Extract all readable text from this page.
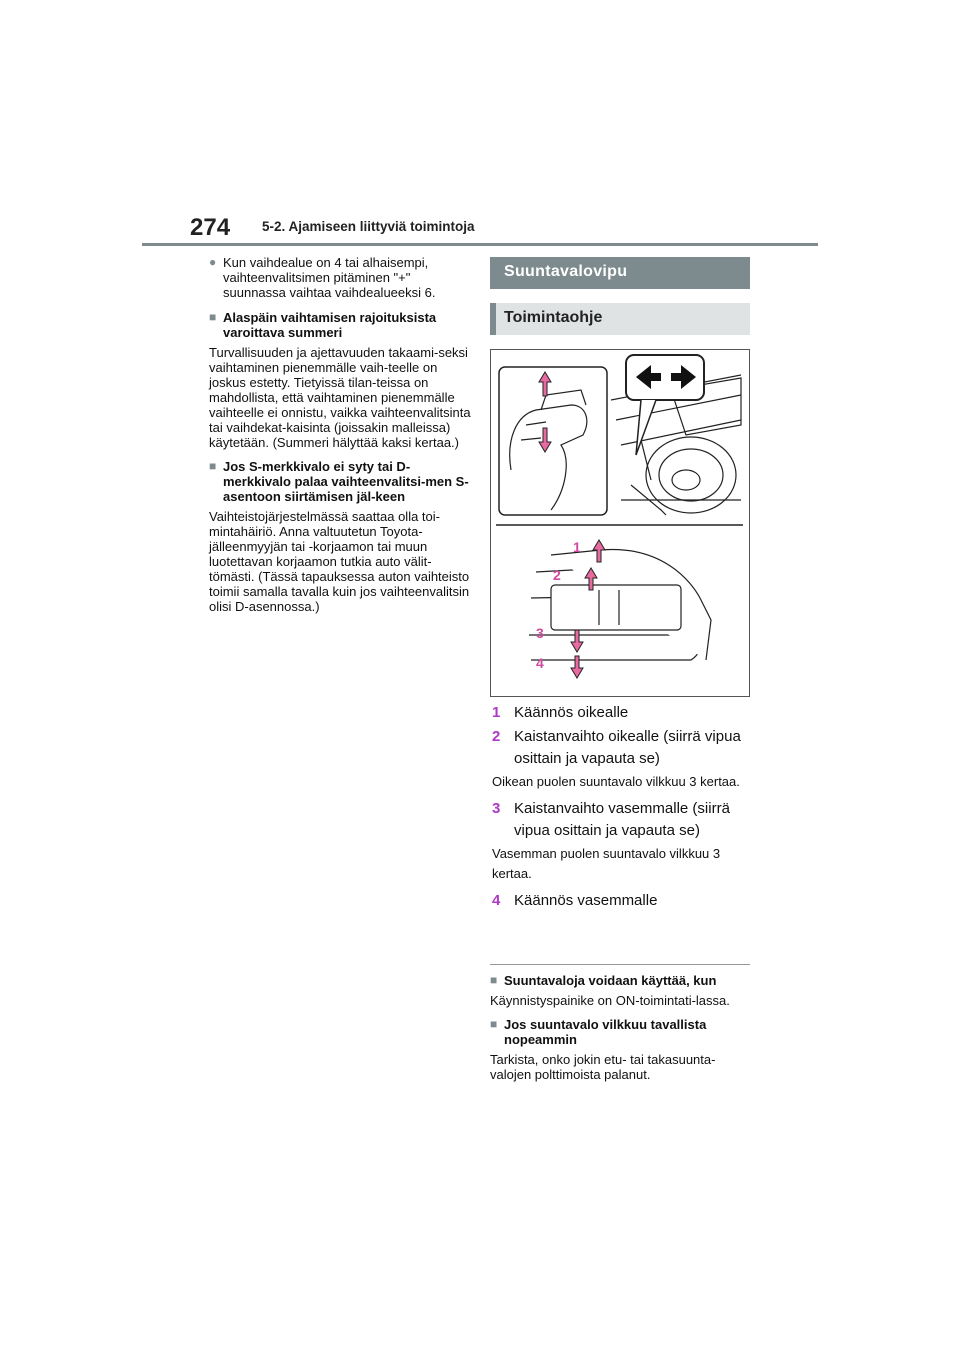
274 5-2. Ajamiseen liittyviä toimintoja
● Kun vaihdealue on 4 tai alhaisempi, vaihteenvalitsimen pitäminen "+" suunnassa vaihtaa vaihdealueeksi 6.
■ Alaspäin vaihtamisen rajoituksista varoittava summeri
Turvallisuuden ja ajettavuuden takaami-seksi vaihtaminen pienemmälle vaih-teelle on joskus estetty. Tietyissä tilan-teissa on mahdollista, että vaihtaminen pienemmälle vaihteelle ei onnistu, vaikka vaihteenvalitsinta tai vaihdekat-kaisinta (joissakin malleissa) käytetään. (Summeri hälyttää kaksi kertaa.)
■ Jos S-merkkivalo ei syty tai D-merkkivalo palaa vaihteenvalitsi-men S-asentoon siirtämisen jäl-keen
Vaihteistojärjestelmässä saattaa olla toi-mintahäiriö. Anna valtuutetun Toyota-jälleenmyyjän tai -korjaamon tai muun luotettavan korjaamon tutkia auto välit-tömästi. (Tässä tapauksessa auton vaihteisto toimii samalla tavalla kuin jos vaihteenvalitsin olisi D-asennossa.)
Suuntavalovipu
Toimintaohje
1
2
3
4
1 Käännös oikealle
2 Kaistanvaihto oikealle (siirrä vipua osittain ja vapauta se)
Oikean puolen suuntavalo vilkkuu 3 kertaa.
3 Kaistanvaihto vasemmalle (siirrä vipua osittain ja vapauta se)
Vasemman puolen suuntavalo vilkkuu 3 kertaa.
4 Käännös vasemmalle
■ Suuntavaloja voidaan käyttää, kun
Käynnistyspainike on ON-toimintati-lassa.
■ Jos suuntavalo vilkkuu tavallista nopeammin
Tarkista, onko jokin etu- tai takasuunta-valojen polttimoista palanut.
